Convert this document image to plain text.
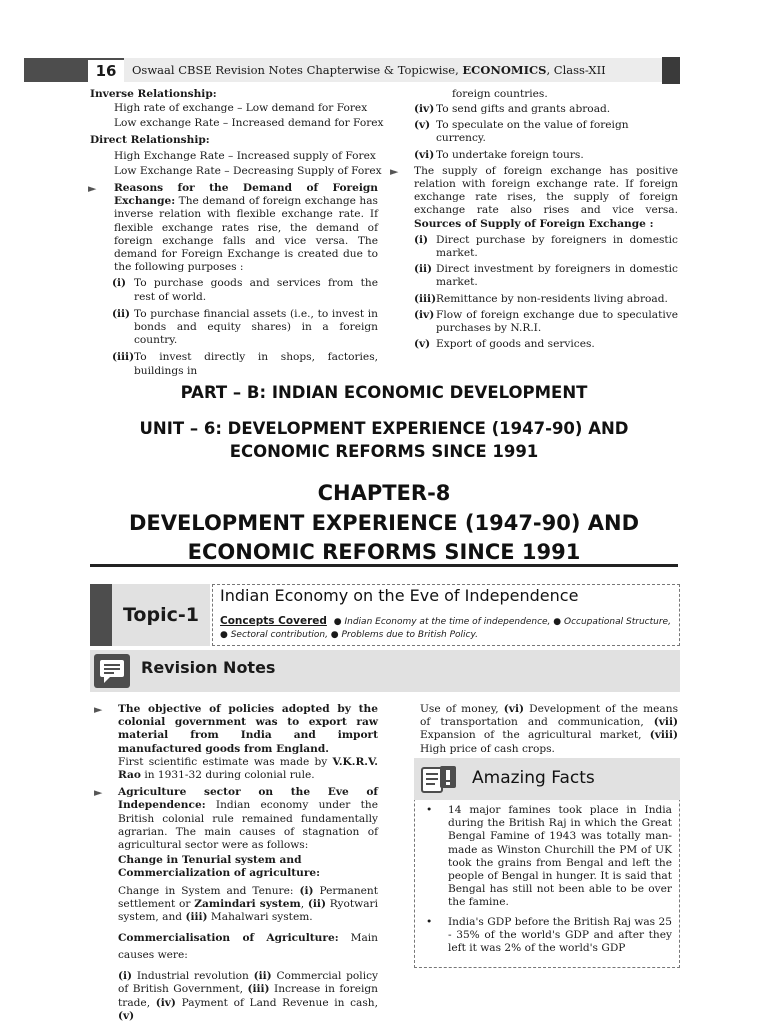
16	Oswaal CBSE Revision Notes Chapterwise & Topicwise, ECONOMICS, Class-XII
Inverse Relationship:
High rate of exchange – Low demand for Forex
Low exchange Rate – Increased demand for Forex
Direct Relationship:
High Exchange Rate – Increased supply of Forex
Low Exchange Rate – Decreasing Supply of Forex
► Reasons for the Demand of Foreign Exchange: The demand of foreign exchange has inverse relation with flexible exchange rate. If flexible exchange rates rise, the demand of foreign exchange falls and vice versa. The demand for Foreign Exchange is created due to the following purposes :
(i) To purchase goods and services from the rest of world.
(ii) To purchase financial assets (i.e., to invest in bonds and equity shares) in a foreign country.
(iii) To invest directly in shops, factories, buildings in
foreign countries.
(iv) To send gifts and grants abroad.
(v) To speculate on the value of foreign currency.
(vi) To undertake foreign tours.
► The supply of foreign exchange has positive relation with foreign exchange rate. If foreign exchange rate rises, the supply of foreign exchange rate also rises and vice versa. Sources of Supply of Foreign Exchange :
(i) Direct purchase by foreigners in domestic market.
(ii) Direct investment by foreigners in domestic market.
(iii) Remittance by non-residents living abroad.
(iv) Flow of foreign exchange due to speculative purchases by N.R.I.
(v) Export of goods and services.
PART – B: INDIAN ECONOMIC DEVELOPMENT
UNIT – 6: DEVELOPMENT EXPERIENCE (1947-90) AND
ECONOMIC REFORMS SINCE 1991
CHAPTER-8
DEVELOPMENT EXPERIENCE (1947-90) AND
ECONOMIC REFORMS SINCE 1991
Topic-1
Indian Economy on the Eve of Independence
Concepts Covered ● Indian Economy at the time of independence, ● Occupational Structure, ● Sectoral contribution, ● Problems due to British Policy.
Revision Notes
► The objective of policies adopted by the colonial government was to export raw material from India and import manufactured goods from England.
First scientific estimate was made by V.K.R.V. Rao in 1931-32 during colonial rule.
► Agriculture sector on the Eve of Independence: Indian economy under the British colonial rule remained fundamentally agrarian. The main causes of stagnation of agricultural sector were as follows:
Change in Tenurial system and Commercialization of agriculture:
Change in System and Tenure: (i) Permanent settlement or Zamindari system, (ii) Ryotwari system, and (iii) Mahalwari system.
Commercialisation of Agriculture: Main causes were:
(i) Industrial revolution (ii) Commercial policy of British Government, (iii) Increase in foreign trade, (iv) Payment of Land Revenue in cash, (v)
Use of money, (vi) Development of the means of transportation and communication, (vii) Expansion of the agricultural market, (viii) High price of cash crops.
Amazing Facts
• 14 major famines took place in India during the British Raj in which the Great Bengal Famine of 1943 was totally man-made as Winston Churchill the PM of UK took the grains from Bengal and left the people of Bengal in hunger. It is said that Bengal has still not been able to be over the famine.
• India's GDP before the British Raj was 25 - 35% of the world's GDP and after they left it was 2% of the world's GDP
